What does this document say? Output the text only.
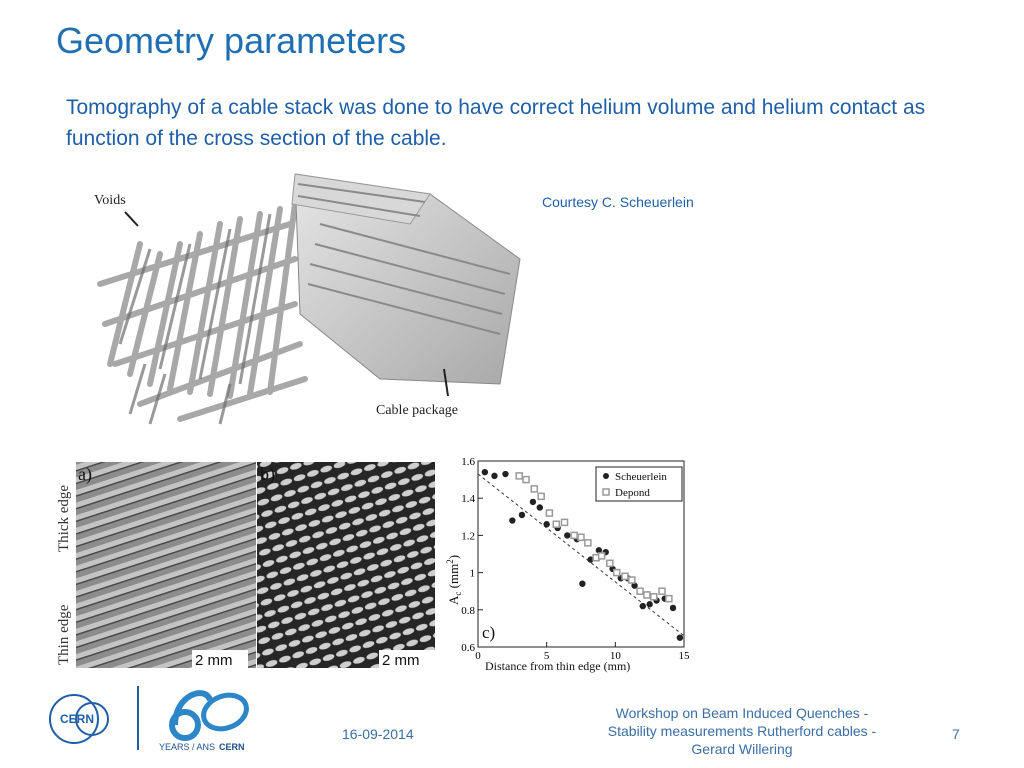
Geometry parameters
Tomography of a cable stack was done to have correct helium volume and helium contact as function of the cross section of the cable.
Courtesy C. Scheuerlein
Voids
Cable package
a)
Thick edge
Thin edge	2 mm
b)
2 mm	0	5	10	15
0.6
0.8
1
1.2
1.4
1.6
$A_c$ $(mm^2)$
Distance from thin edge (mm)
c)
Scheuerlein
Depond
CERN
YEARS / ANS CERN
16-09-2014
Workshop on Beam Induced Quenches - Stability measurements Rutherford cables - Gerard Willering
7
